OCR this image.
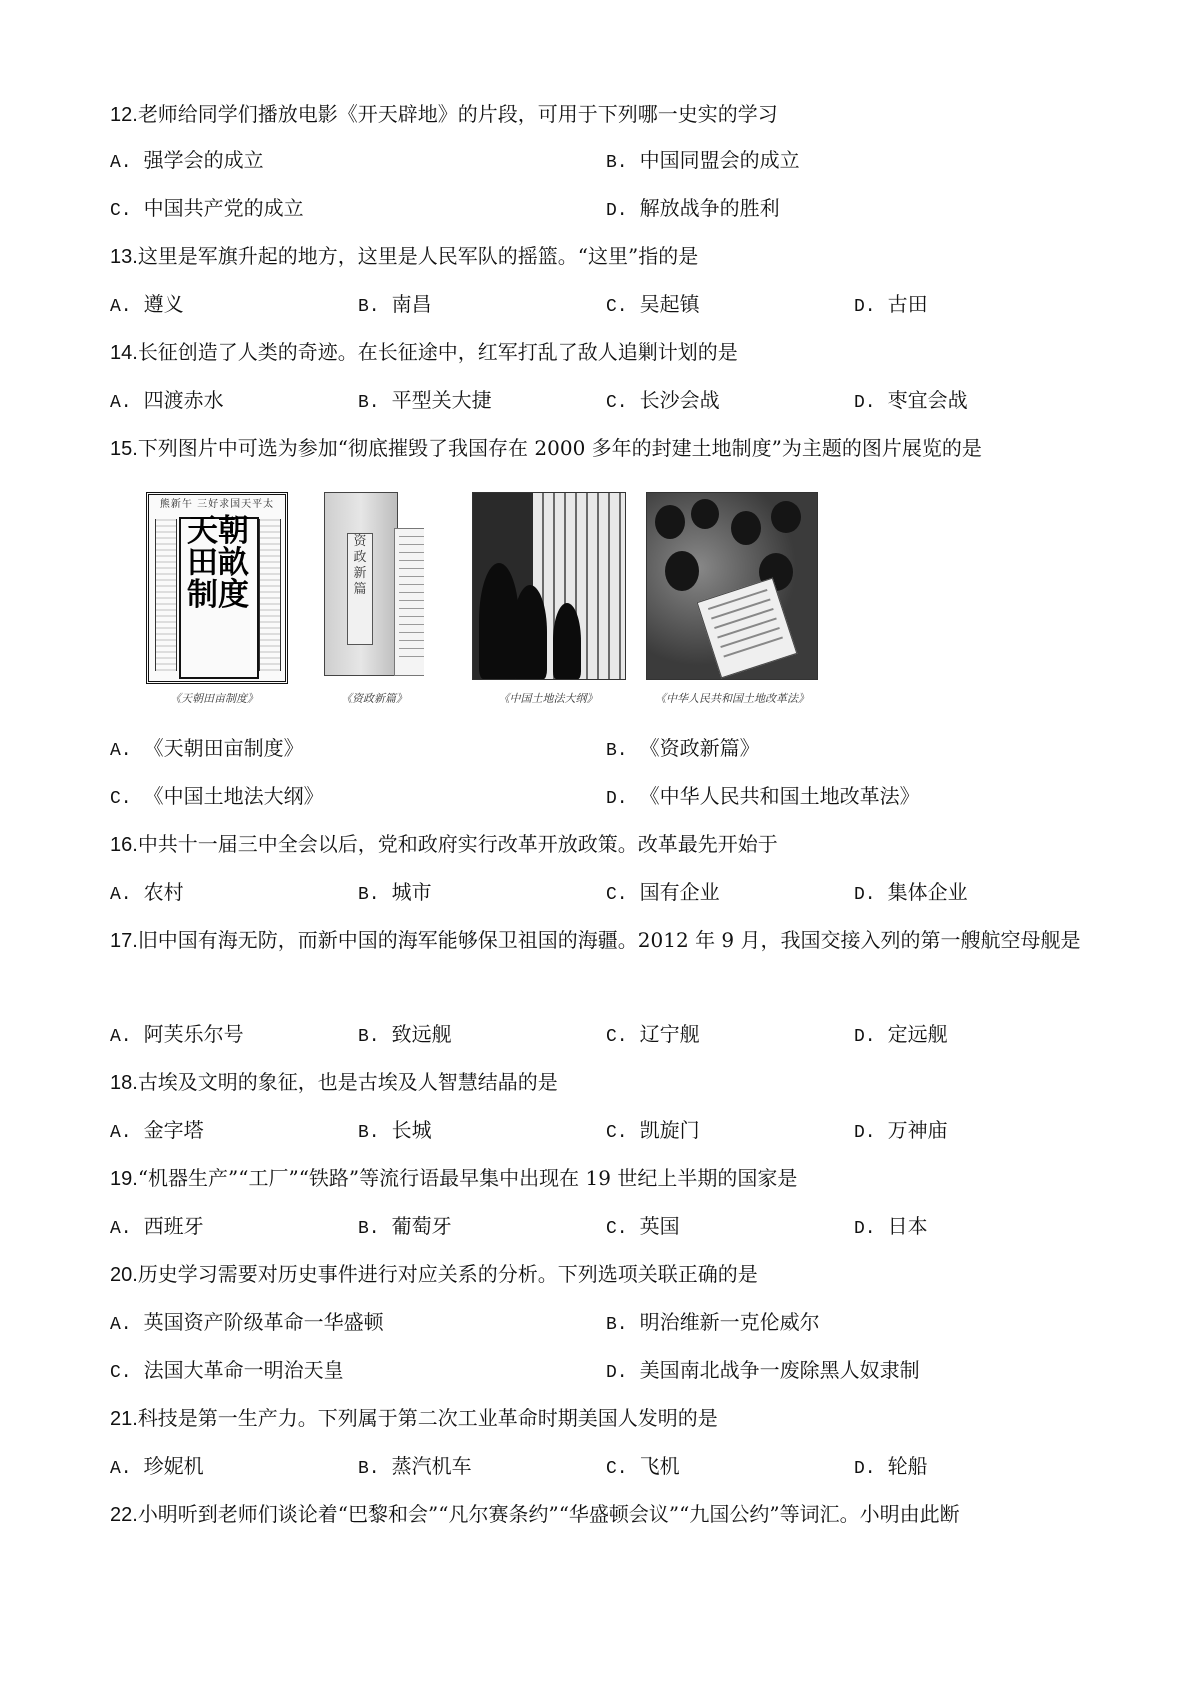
12.老师给同学们播放电影《开天辟地》的片段，可用于下列哪一史实的学习
A. 强学会的成立	B. 中国同盟会的成立
C. 中国共产党的成立	D. 解放战争的胜利
13.这里是军旗升起的地方，这里是人民军队的摇篮。“这里”指的是
A. 遵义	B. 南昌	C. 吴起镇	D. 古田
14.长征创造了人类的奇迹。在长征途中，红军打乱了敌人追剿计划的是
A. 四渡赤水	B. 平型关大捷	C. 长沙会战	D. 枣宜会战
15.下列图片中可选为参加“彻底摧毁了我国存在 2000 多年的封建土地制度”为主题的图片展览的是
熊新午 三好求国天平太
天朝田畝制度
《天朝田亩制度》
资政新篇
《资政新篇》	《中国土地法大纲》	《中华人民共和国土地改革法》
A. 《天朝田亩制度》	B. 《资政新篇》
C. 《中国土地法大纲》	D. 《中华人民共和国土地改革法》
16.中共十一届三中全会以后，党和政府实行改革开放政策。改革最先开始于
A. 农村	B. 城市	C. 国有企业	D. 集体企业
17.旧中国有海无防，而新中国的海军能够保卫祖国的海疆。2012 年 9 月，我国交接入列的第一艘航空母舰是
A. 阿芙乐尔号	B. 致远舰	C. 辽宁舰	D. 定远舰
18.古埃及文明的象征，也是古埃及人智慧结晶的是
A. 金字塔	B. 长城	C. 凯旋门	D. 万神庙
19.“机器生产”“工厂”“铁路”等流行语最早集中出现在 19 世纪上半期的国家是
A. 西班牙	B. 葡萄牙	C. 英国	D. 日本
20.历史学习需要对历史事件进行对应关系的分析。下列选项关联正确的是
A. 英国资产阶级革命一华盛顿	B. 明治维新一克伦威尔
C. 法国大革命一明治天皇	D. 美国南北战争一废除黑人奴隶制
21.科技是第一生产力。下列属于第二次工业革命时期美国人发明的是
A. 珍妮机	B. 蒸汽机车	C. 飞机	D. 轮船
22.小明听到老师们谈论着“巴黎和会”“凡尔赛条约”“华盛顿会议”“九国公约”等词汇。小明由此断
